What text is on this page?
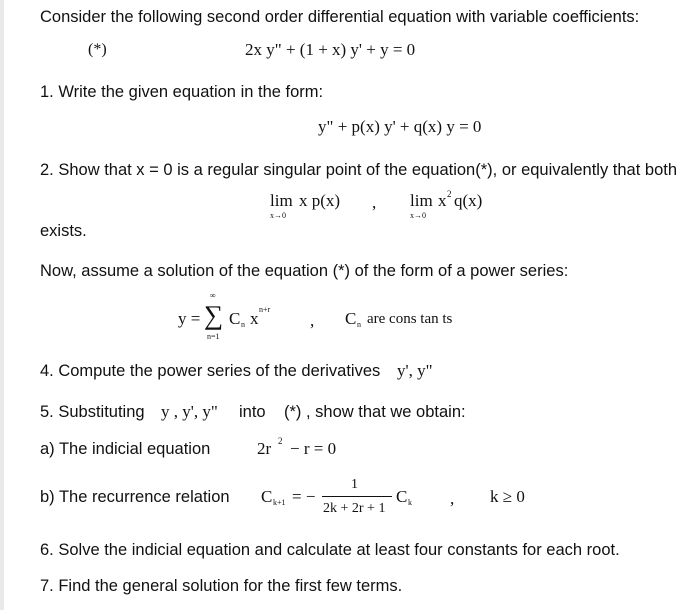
Consider the following second order differential equation with variable coefficients:
(*)	2x y" + (1 + x) y' + y = 0
1. Write the given equation in the form:
y" + p(x) y' + q(x) y = 0
2. Show that x = 0 is a regular singular point of the equation(*), or equivalently that both
lim x p(x)
x→0
, lim x 2 q(x)
x→0
exists.
Now, assume a solution of the equation (*) of the form of a power series:
y = ∑
∞
n=1
C n x n+r
, C n are cons tan ts
4. Compute the power series of the derivatives y', y"
5. Substituting y , y', y" into (*) , show that we obtain:
a) The indicial equation	2r 2 − r = 0
b) The recurrence relation C k+1 = −
1
2k + 2r + 1
C k , k ≥ 0
6. Solve the indicial equation and calculate at least four constants for each root.
7. Find the general solution for the first few terms.
